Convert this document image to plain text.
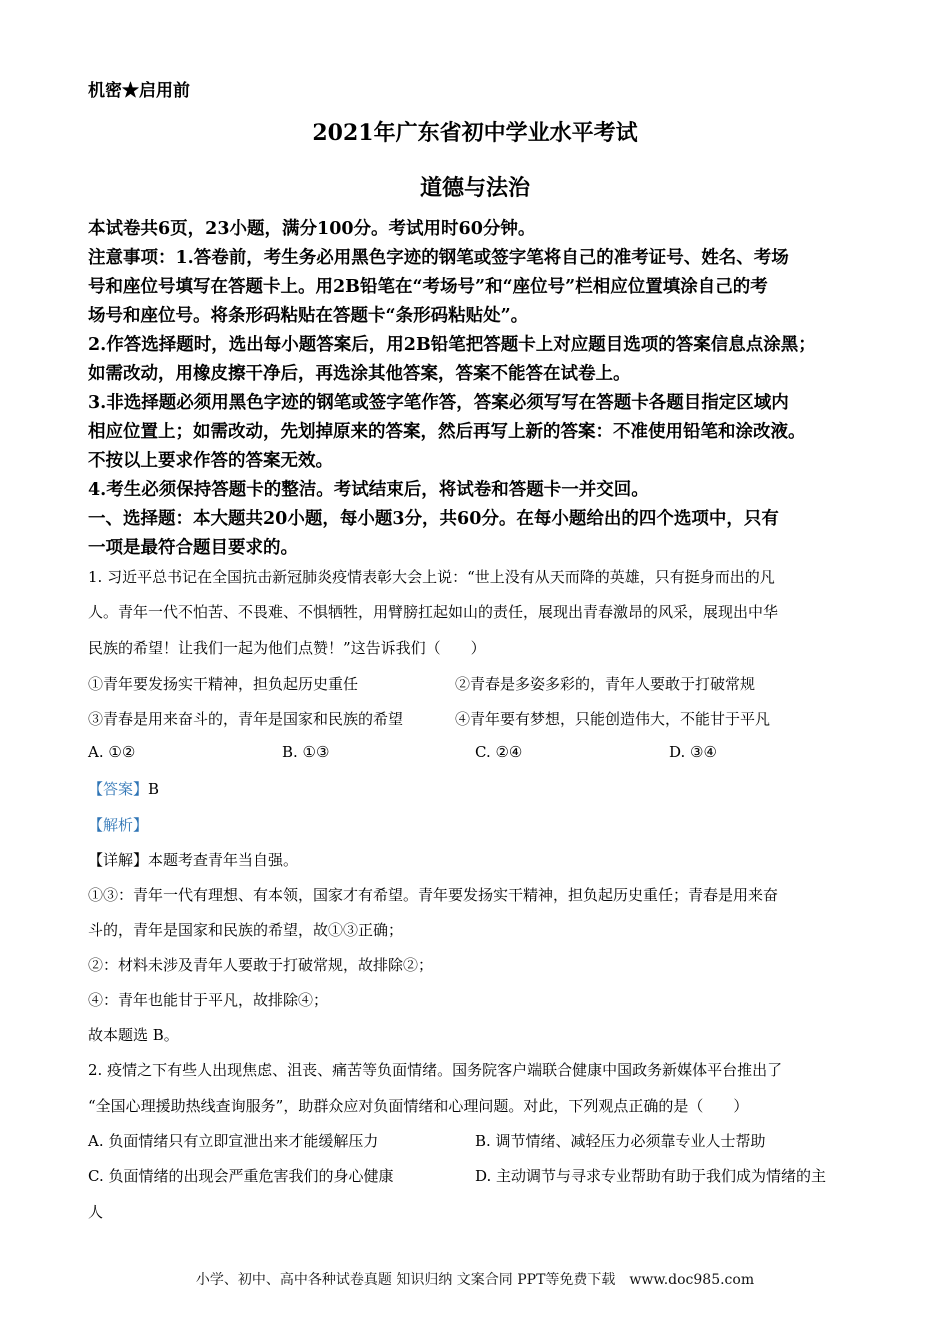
机密★启用前
2021年广东省初中学业水平考试
道德与法治
本试卷共6页，23小题，满分100分。考试用时60分钟。
注意事项：1.答卷前，考生务必用黑色字迹的钢笔或签字笔将自己的准考证号、姓名、考场
号和座位号填写在答题卡上。用2B铅笔在“考场号”和“座位号”栏相应位置填涂自己的考
场号和座位号。将条形码粘贴在答题卡“条形码粘贴处”。
2.作答选择题时，选出每小题答案后，用2B铅笔把答题卡上对应题目选项的答案信息点涂黑；
如需改动，用橡皮擦干净后，再选涂其他答案，答案不能答在试卷上。
3.非选择题必须用黑色字迹的钢笔或签字笔作答，答案必须写写在答题卡各题目指定区域内
相应位置上；如需改动，先划掉原来的答案，然后再写上新的答案：不准使用铅笔和涂改液。
不按以上要求作答的答案无效。
4.考生必须保持答题卡的整洁。考试结束后，将试卷和答题卡一并交回。
一、选择题：本大题共20小题，每小题3分，共60分。在每小题给出的四个选项中，只有
一项是最符合题目要求的。
1. 习近平总书记在全国抗击新冠肺炎疫情表彰大会上说：“世上没有从天而降的英雄，只有挺身而出的凡
人。青年一代不怕苦、不畏难、不惧牺牲，用臂膀扛起如山的责任，展现出青春激昂的风采，展现出中华
民族的希望！让我们一起为他们点赞！”这告诉我们（　　）
①青年要发扬实干精神，担负起历史重任	②青春是多姿多彩的，青年人要敢于打破常规
③青春是用来奋斗的，青年是国家和民族的希望	④青年要有梦想，只能创造伟大，不能甘于平凡
A. ①②	B. ①③	C. ②④	D. ③④
【答案】B
【解析】
【详解】本题考查青年当自强。
①③：青年一代有理想、有本领，国家才有希望。青年要发扬实干精神，担负起历史重任；青春是用来奋
斗的，青年是国家和民族的希望，故①③正确；
②：材料未涉及青年人要敢于打破常规，故排除②；
④：青年也能甘于平凡，故排除④；
故本题选 B。
2. 疫情之下有些人出现焦虑、沮丧、痛苦等负面情绪。国务院客户端联合健康中国政务新媒体平台推出了
“全国心理援助热线查询服务”，助群众应对负面情绪和心理问题。对此，下列观点正确的是（　　）
A. 负面情绪只有立即宣泄出来才能缓解压力	B. 调节情绪、减轻压力必须靠专业人士帮助
C. 负面情绪的出现会严重危害我们的身心健康	D. 主动调节与寻求专业帮助有助于我们成为情绪的主
人
小学、初中、高中各种试卷真题 知识归纳 文案合同 PPT等免费下载　www.doc985.com
